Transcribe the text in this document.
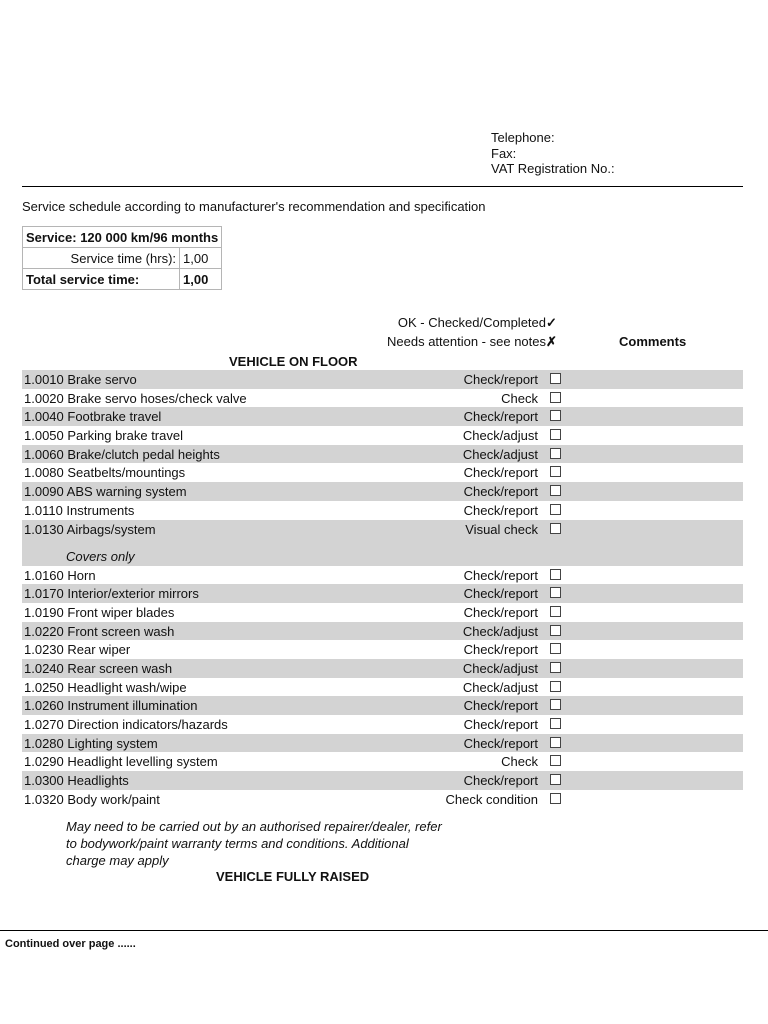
Telephone:
Fax:
VAT Registration No.:
Service schedule according to manufacturer's recommendation and specification
Service: 120 000 km/96 months	
Service time (hrs):	1,00
Total service time:	1,00
OK - Checked/Completed✓
Needs attention - see notes✗	Comments
VEHICLE ON FLOOR
1.0010 Brake servo	Check/report
1.0020 Brake servo hoses/check valve	Check
1.0040 Footbrake travel	Check/report
1.0050 Parking brake travel	Check/adjust
1.0060 Brake/clutch pedal heights	Check/adjust
1.0080 Seatbelts/mountings	Check/report
1.0090 ABS warning system	Check/report
1.0110 Instruments	Check/report
1.0130 Airbags/system	Visual check
Covers only
1.0160 Horn	Check/report
1.0170 Interior/exterior mirrors	Check/report
1.0190 Front wiper blades	Check/report
1.0220 Front screen wash	Check/adjust
1.0230 Rear wiper	Check/report
1.0240 Rear screen wash	Check/adjust
1.0250 Headlight wash/wipe	Check/adjust
1.0260 Instrument illumination	Check/report
1.0270 Direction indicators/hazards	Check/report
1.0280 Lighting system	Check/report
1.0290 Headlight levelling system	Check
1.0300 Headlights	Check/report
1.0320 Body work/paint	Check condition
May need to be carried out by an authorised repairer/dealer, refer
to bodywork/paint warranty terms and conditions. Additional
charge may apply
VEHICLE FULLY RAISED
Continued over page ......
